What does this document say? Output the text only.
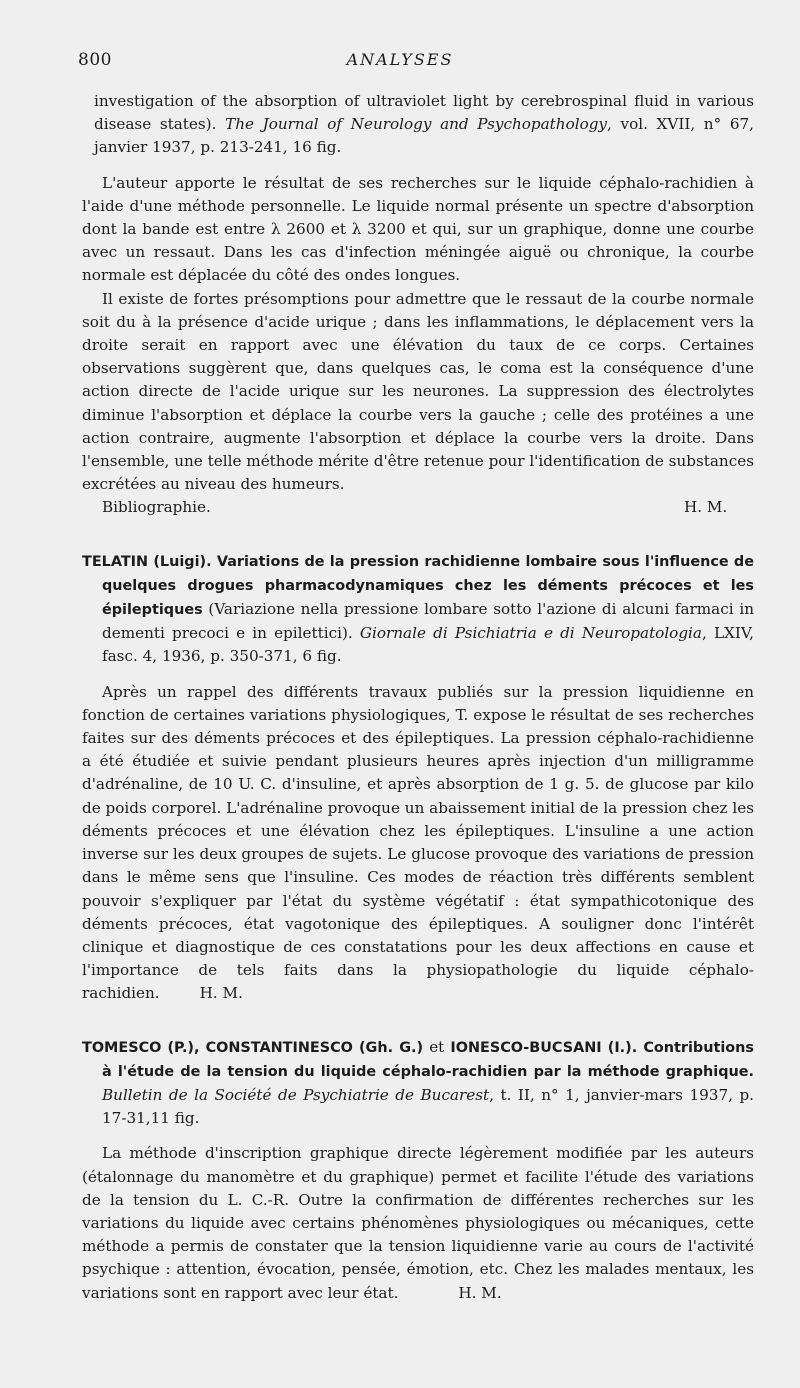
800	ANALYSES

investigation of the absorption of ultraviolet light by cerebrospinal fluid in various disease states). The Journal of Neurology and Psychopathology, vol. XVII, n° 67, janvier 1937, p. 213-241, 16 fig.

L'auteur apporte le résultat de ses recherches sur le liquide céphalo-rachidien à l'aide d'une méthode personnelle. Le liquide normal présente un spectre d'absorption dont la bande est entre λ 2600 et λ 3200 et qui, sur un graphique, donne une courbe avec un ressaut. Dans les cas d'infection méningée aiguë ou chronique, la courbe normale est déplacée du côté des ondes longues.

Il existe de fortes présomptions pour admettre que le ressaut de la courbe normale soit du à la présence d'acide urique ; dans les inflammations, le déplacement vers la droite serait en rapport avec une élévation du taux de ce corps. Certaines observations suggèrent que, dans quelques cas, le coma est la conséquence d'une action directe de l'acide urique sur les neurones. La suppression des électrolytes diminue l'absorption et déplace la courbe vers la gauche ; celle des protéines a une action contraire, augmente l'absorption et déplace la courbe vers la droite. Dans l'ensemble, une telle méthode mérite d'être retenue pour l'identification de substances excrétées au niveau des humeurs.

Bibliographie.	H. M.

TELATIN (Luigi). Variations de la pression rachidienne lombaire sous l'influence de quelques drogues pharmacodynamiques chez les déments précoces et les épileptiques (Variazione nella pressione lombare sotto l'azione di alcuni farmaci in dementi precoci e in epilettici). Giornale di Psichiatria e di Neuropatologia, LXIV, fasc. 4, 1936, p. 350-371, 6 fig.

Après un rappel des différents travaux publiés sur la pression liquidienne en fonction de certaines variations physiologiques, T. expose le résultat de ses recherches faites sur des déments précoces et des épileptiques. La pression céphalo-rachidienne a été étudiée et suivie pendant plusieurs heures après injection d'un milligramme d'adrénaline, de 10 U. C. d'insuline, et après absorption de 1 g. 5. de glucose par kilo de poids corporel. L'adrénaline provoque un abaissement initial de la pression chez les déments précoces et une élévation chez les épileptiques. L'insuline a une action inverse sur les deux groupes de sujets. Le glucose provoque des variations de pression dans le même sens que l'insuline. Ces modes de réaction très différents semblent pouvoir s'expliquer par l'état du système végétatif : état sympathicotonique des déments précoces, état vagotonique des épileptiques. A souligner donc l'intérêt clinique et diagnostique de ces constatations pour les deux affections en cause et l'importance de tels faits dans la physiopathologie du liquide céphalo-rachidien.	H. M.

TOMESCO (P.), CONSTANTINESCO (Gh. G.) et IONESCO-BUCSANI (I.). Contributions à l'étude de la tension du liquide céphalo-rachidien par la méthode graphique. Bulletin de la Société de Psychiatrie de Bucarest, t. II, n° 1, janvier-mars 1937, p. 17-31,11 fig.

La méthode d'inscription graphique directe légèrement modifiée par les auteurs (étalonnage du manomètre et du graphique) permet et facilite l'étude des variations de la tension du L. C.-R. Outre la confirmation de différentes recherches sur les variations du liquide avec certains phénomènes physiologiques ou mécaniques, cette méthode a permis de constater que la tension liquidienne varie au cours de l'activité psychique : attention, évocation, pensée, émotion, etc. Chez les malades mentaux, les variations sont en rapport avec leur état.	H. M.
